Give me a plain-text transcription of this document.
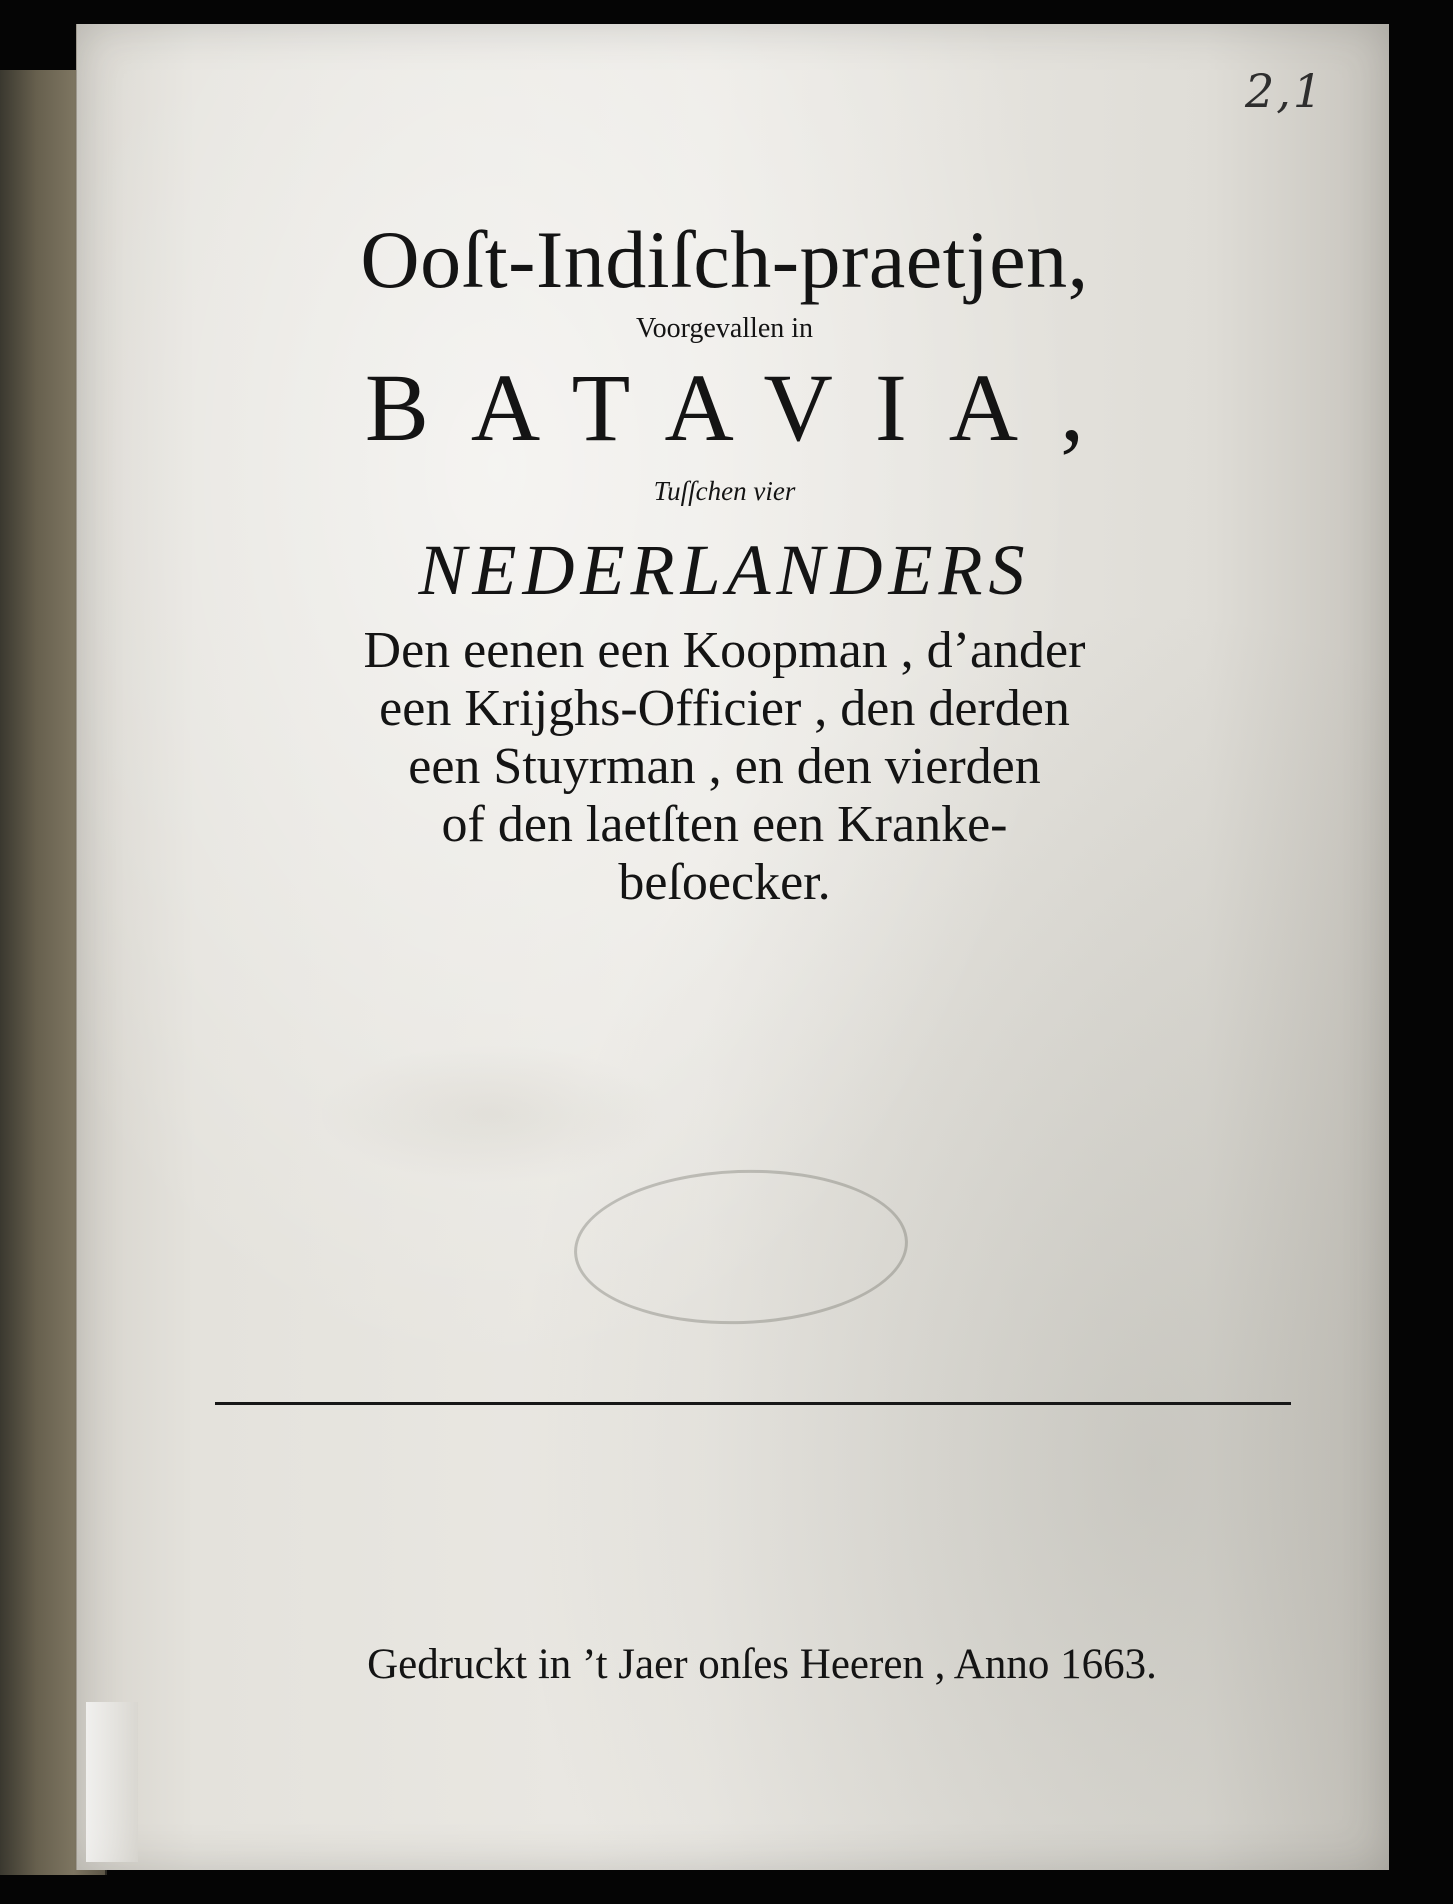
2,1

Ooſt-Indiſch-praetjen,

Voorgevallen in

BATAVIA,

Tuſſchen vier

NEDERLANDERS

Den eenen een Koopman , d’ander

een Krijghs-Officier , den derden

een Stuyrman , en den vierden

of den laetſten een Kranke-

beſoecker.

Gedruckt in ’t Jaer onſes Heeren , Anno 1663.
